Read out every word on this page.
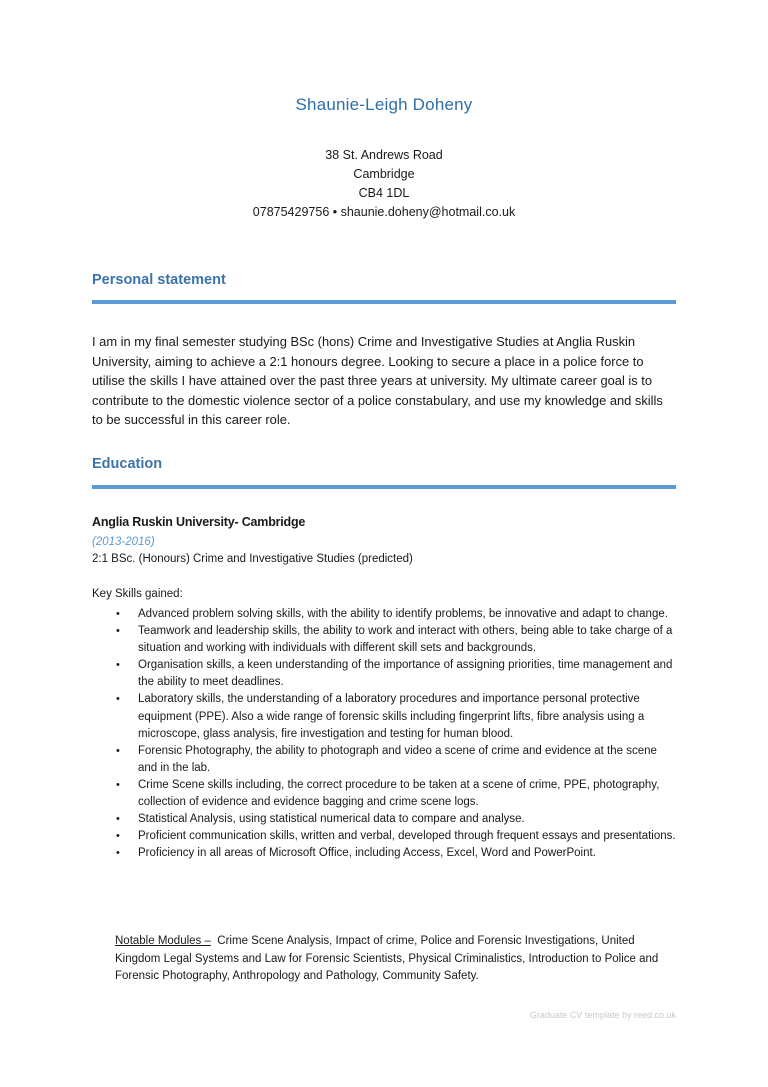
Shaunie-Leigh Doheny
38 St. Andrews Road
Cambridge
CB4 1DL
07875429756 • shaunie.doheny@hotmail.co.uk
Personal statement
I am in my final semester studying BSc (hons) Crime and Investigative Studies at Anglia Ruskin University, aiming to achieve a 2:1 honours degree. Looking to secure a place in a police force to utilise the skills I have attained over the past three years at university. My ultimate career goal is to contribute to the domestic violence sector of a police constabulary, and use my knowledge and skills to be successful in this career role.
Education
Anglia Ruskin University- Cambridge
(2013-2016)
2:1 BSc. (Honours) Crime and Investigative Studies (predicted)
Key Skills gained:
• Advanced problem solving skills, with the ability to identify problems, be innovative and adapt to change.
• Teamwork and leadership skills, the ability to work and interact with others, being able to take charge of a situation and working with individuals with different skill sets and backgrounds.
• Organisation skills, a keen understanding of the importance of assigning priorities, time management and the ability to meet deadlines.
• Laboratory skills, the understanding of a laboratory procedures and importance personal protective equipment (PPE). Also a wide range of forensic skills including fingerprint lifts, fibre analysis using a microscope, glass analysis, fire investigation and testing for human blood.
• Forensic Photography, the ability to photograph and video a scene of crime and evidence at the scene and in the lab.
• Crime Scene skills including, the correct procedure to be taken at a scene of crime, PPE, photography, collection of evidence and evidence bagging and crime scene logs.
• Statistical Analysis, using statistical numerical data to compare and analyse.
• Proficient communication skills, written and verbal, developed through frequent essays and presentations.
• Proficiency in all areas of Microsoft Office, including Access, Excel, Word and PowerPoint.
Notable Modules – Crime Scene Analysis, Impact of crime, Police and Forensic Investigations, United Kingdom Legal Systems and Law for Forensic Scientists, Physical Criminalistics, Introduction to Police and Forensic Photography, Anthropology and Pathology, Community Safety.
Graduate CV template by reed.co.uk
